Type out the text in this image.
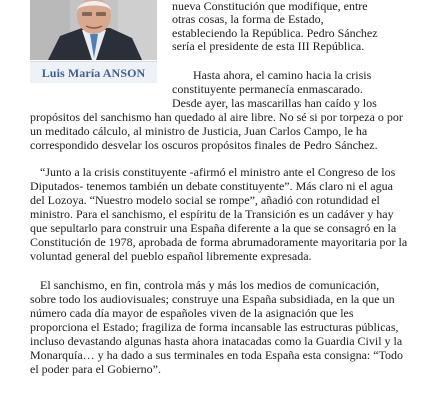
Luis María ANSON
nueva Constitución que modifique, entre
otras cosas, la forma de Estado,
estableciendo la República. Pedro Sánchez
sería el presidente de esta III República.
Hasta ahora, el camino hacia la crisis
constituyente permanecía enmascarado.
Desde ayer, las mascarillas han caído y los
propósitos del sanchismo han quedado al aire libre. No sé si por torpeza o por
un meditado cálculo, al ministro de Justicia, Juan Carlos Campo, le ha
correspondido desvelar los oscuros propósitos finales de Pedro Sánchez.
“Junto a la crisis constituyente -afirmó el ministro ante el Congreso de los
Diputados- tenemos también un debate constituyente”. Más claro ni el agua
del Lozoya. “Nuestro modelo social se rompe”, añadió con rotundidad el
ministro. Para el sanchismo, el espíritu de la Transición es un cadáver y hay
que sepultarlo para construir una España diferente a la que se consagró en la
Constitución de 1978, aprobada de forma abrumadoramente mayoritaria por la
voluntad general del pueblo español libremente expresada.
El sanchismo, en fin, controla más y más los medios de comunicación,
sobre todo los audiovisuales; construye una España subsidiada, en la que un
número cada día mayor de españoles viven de la asignación que les
proporciona el Estado; fragiliza de forma incansable las estructuras públicas,
incluso devastando algunas hasta ahora inatacadas como la Guardia Civil y la
Monarquía… y ha dado a sus terminales en toda España esta consigna: “Todo
el poder para el Gobierno”.
